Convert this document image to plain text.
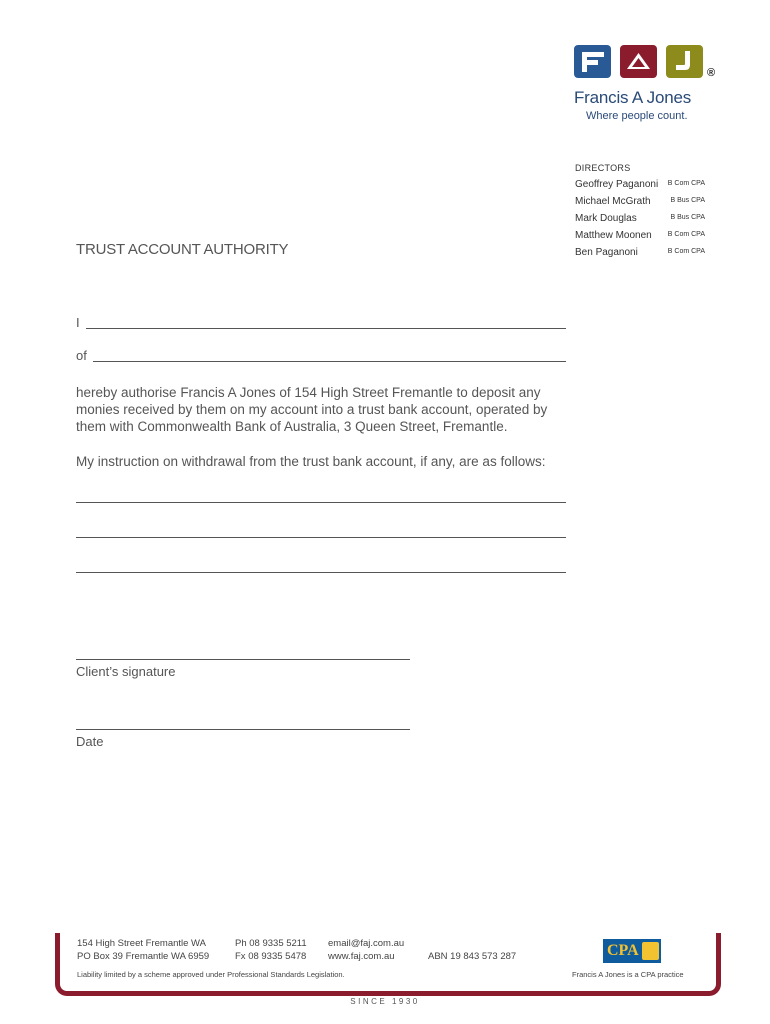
®
Francis A Jones
Where people count.
DIRECTORS
Geoffrey Paganoni B Com CPA
Michael McGrath	B Bus CPA
Mark Douglas	B Bus CPA
Matthew Moonen B Com CPA
Ben Paganoni	B Com CPA
TRUST ACCOUNT AUTHORITY
I
of
hereby authorise Francis A Jones of 154 High Street Fremantle to deposit any monies received by them on my account into a trust bank account, operated by them with Commonwealth Bank of Australia, 3 Queen Street, Fremantle.
My instruction on withdrawal from the trust bank account, if any, are as follows:
Client’s signature
Date
154 High Street Fremantle WA
PO Box 39 Fremantle WA 6959
Ph 08 9335 5211
Fx 08 9335 5478
email@faj.com.au
www.faj.com.au	ABN 19 843 573 287
Liability limited by a scheme approved under Professional Standards Legislation.
CPA
Francis A Jones is a CPA practice
SINCE 1930
